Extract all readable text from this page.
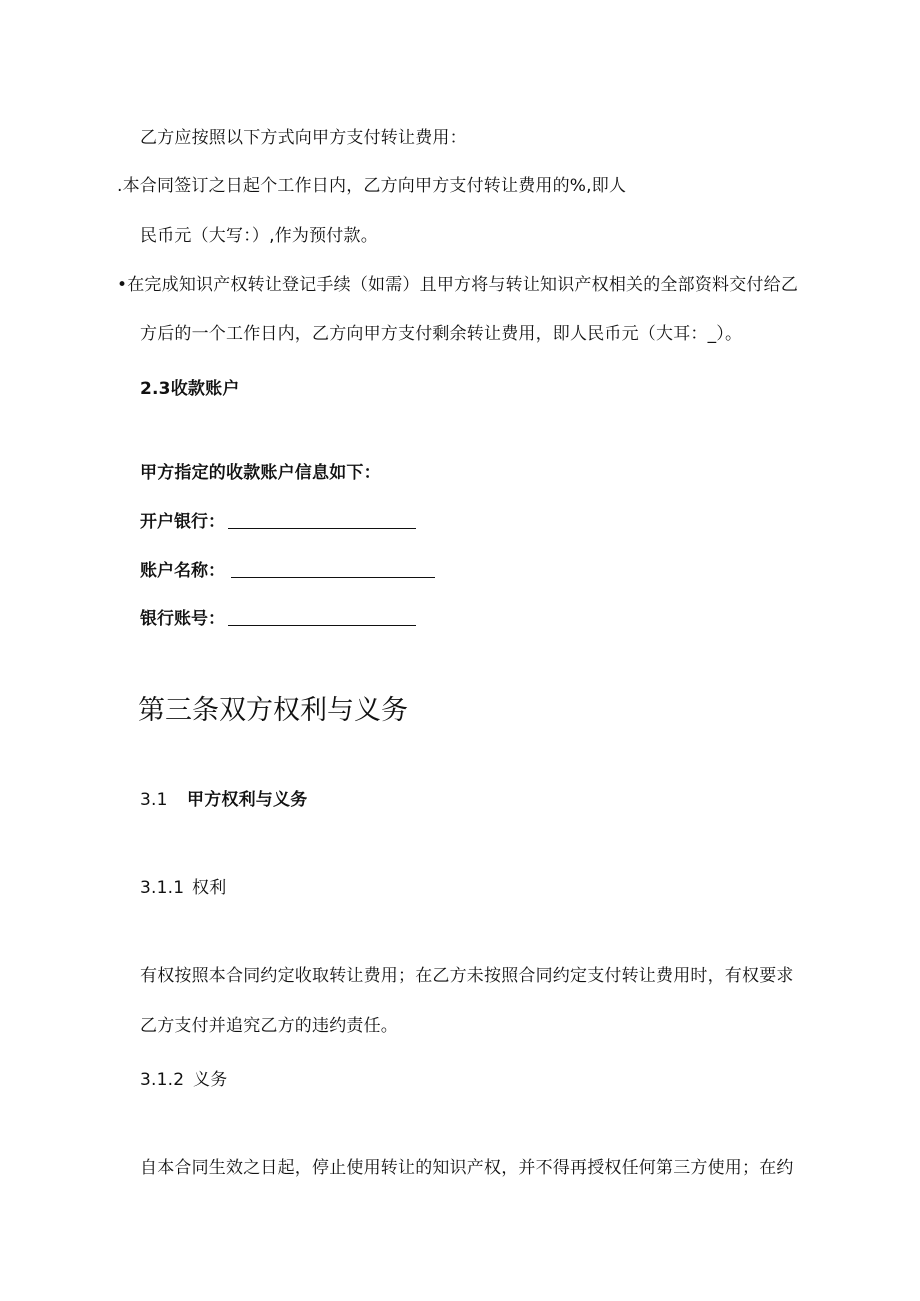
乙方应按照以下方式向甲方支付转让费用：
.本合同签订之日起个工作日内，乙方向甲方支付转让费用的%,即人
民币元（大写：）,作为预付款。
•在完成知识产权转让登记手续（如需）且甲方将与转让知识产权相关的全部资料交付给乙
方后的一个工作日内，乙方向甲方支付剩余转让费用，即人民币元（大耳：_）。
2.3收款账户
甲方指定的收款账户信息如下：
开户银行：
账户名称：
银行账号：
第三条双方权利与义务
3.1 甲方权利与义务
3.1.1 权利
有权按照本合同约定收取转让费用；在乙方未按照合同约定支付转让费用时，有权要求
乙方支付并追究乙方的违约责任。
3.1.2 义务
自本合同生效之日起，停止使用转让的知识产权，并不得再授权任何第三方使用；在约
